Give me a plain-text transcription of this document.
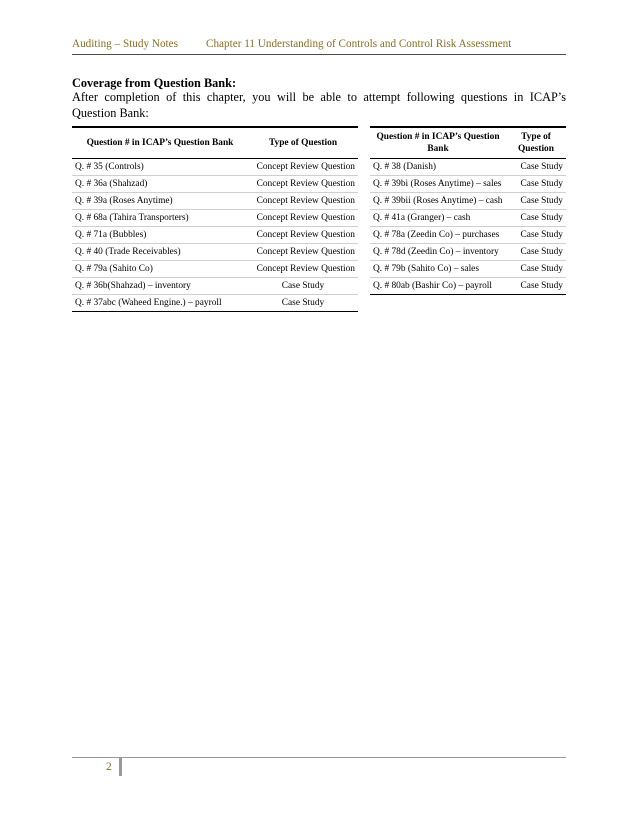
Auditing – Study Notes	Chapter 11 Understanding of Controls and Control Risk Assessment
Coverage from Question Bank:
After completion of this chapter, you will be able to attempt following questions in ICAP’s Question Bank:
Question # in ICAP’s Question Bank	Type of Question
Q. # 35 (Controls)	Concept Review Question
Q. # 36a (Shahzad)	Concept Review Question
Q. # 39a (Roses Anytime)	Concept Review Question
Q. # 68a (Tahira Transporters)	Concept Review Question
Q. # 71a (Bubbles)	Concept Review Question
Q. # 40 (Trade Receivables)	Concept Review Question
Q. # 79a (Sahito Co)	Concept Review Question
Q. # 36b(Shahzad) – inventory	Case Study
Q. # 37abc (Waheed Engine.) – payroll	Case Study
Question # in ICAP’s Question Bank	Type of Question
Q. # 38 (Danish)	Case Study
Q. # 39bi (Roses Anytime) – sales	Case Study
Q. # 39bii (Roses Anytime) – cash	Case Study
Q. # 41a (Granger) – cash	Case Study
Q. # 78a (Zeedin Co) – purchases	Case Study
Q. # 78d (Zeedin Co) – inventory	Case Study
Q. # 79b (Sahito Co) – sales	Case Study
Q. # 80ab (Bashir Co) – payroll	Case Study
2
